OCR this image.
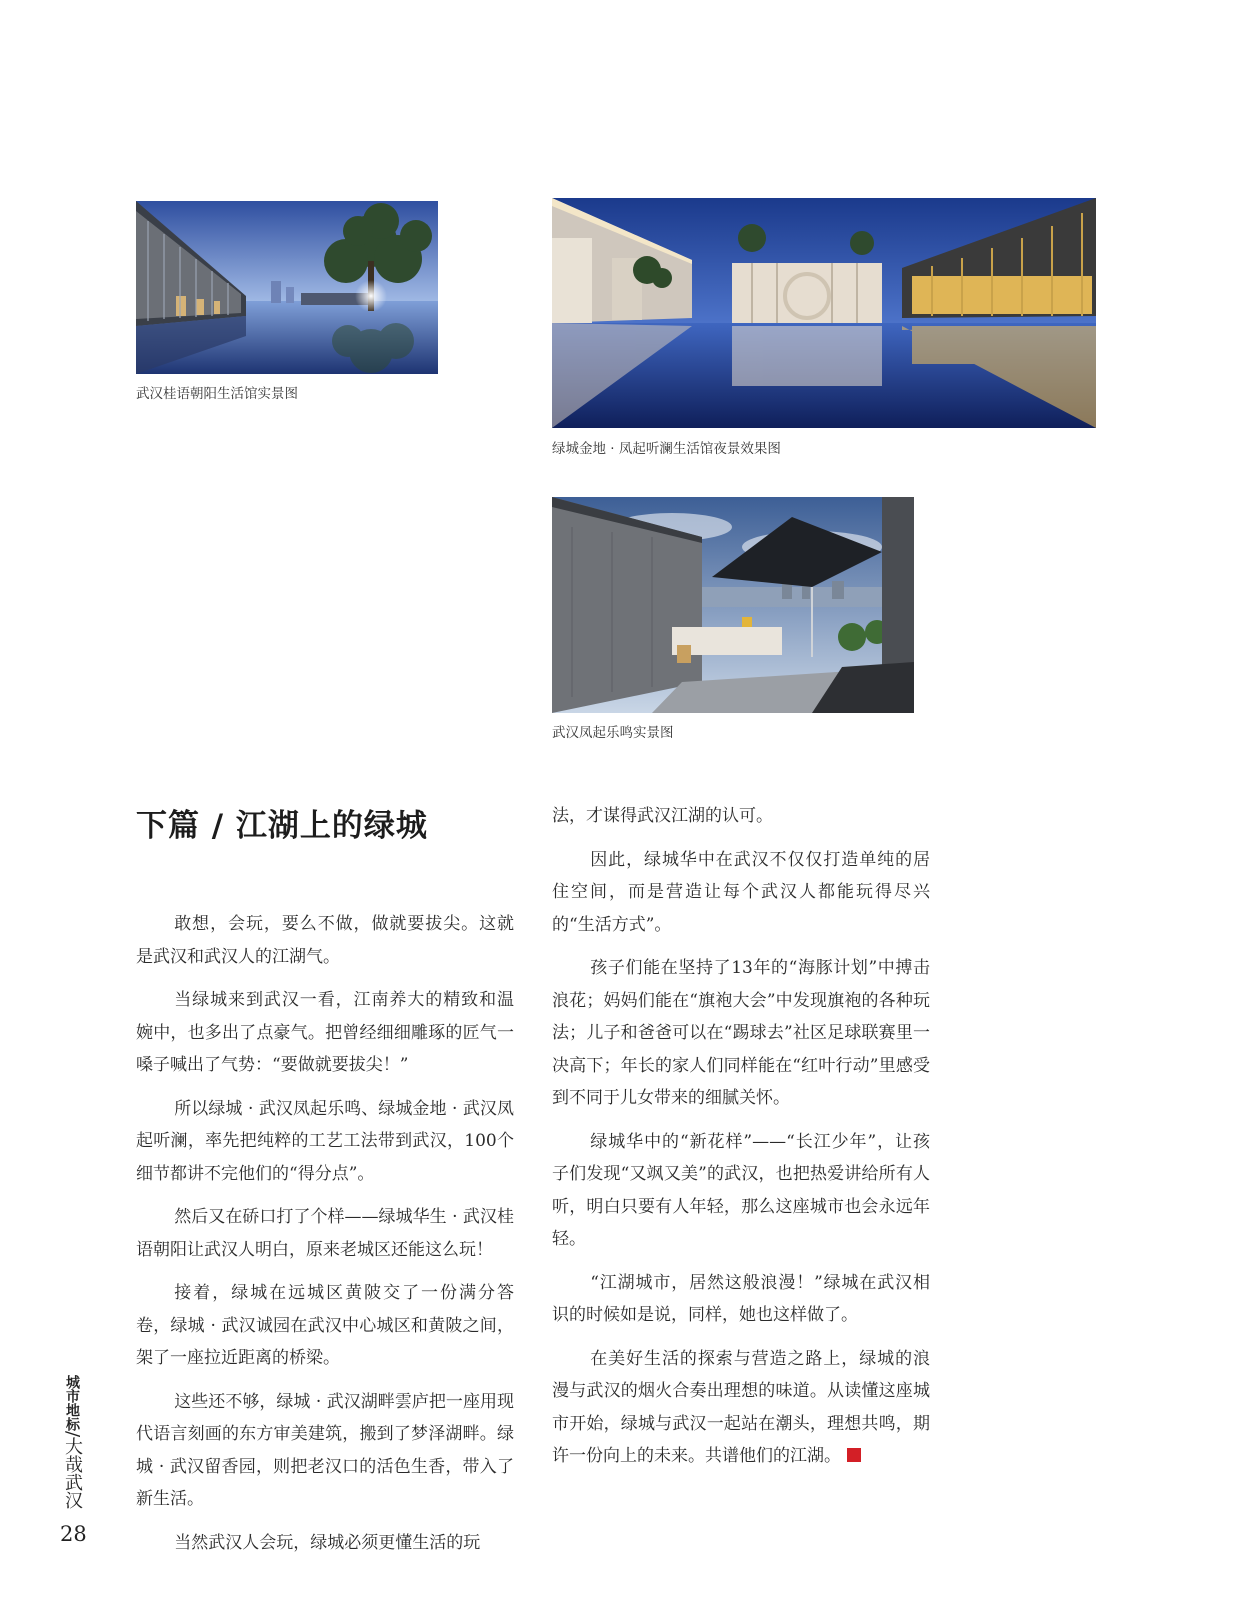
武汉桂语朝阳生活馆实景图
绿城金地 · 凤起听澜生活馆夜景效果图
武汉凤起乐鸣实景图
下篇 / 江湖上的绿城

敢想，会玩，要么不做，做就要拔尖。这就是武汉和武汉人的江湖气。

当绿城来到武汉一看，江南养大的精致和温婉中，也多出了点豪气。把曾经细细雕琢的匠气一嗓子喊出了气势：“要做就要拔尖！”

所以绿城 · 武汉凤起乐鸣、绿城金地 · 武汉凤起听澜，率先把纯粹的工艺工法带到武汉，100个细节都讲不完他们的“得分点”。

然后又在硚口打了个样——绿城华生 · 武汉桂语朝阳让武汉人明白，原来老城区还能这么玩！

接着，绿城在远城区黄陂交了一份满分答卷，绿城 · 武汉诚园在武汉中心城区和黄陂之间，架了一座拉近距离的桥梁。

这些还不够，绿城 · 武汉湖畔雲庐把一座用现代语言刻画的东方审美建筑，搬到了梦泽湖畔。绿城 · 武汉留香园，则把老汉口的活色生香，带入了新生活。

当然武汉人会玩，绿城必须更懂生活的玩

法，才谋得武汉江湖的认可。

因此，绿城华中在武汉不仅仅打造单纯的居住空间，而是营造让每个武汉人都能玩得尽兴的“生活方式”。

孩子们能在坚持了13年的“海豚计划”中搏击浪花；妈妈们能在“旗袍大会”中发现旗袍的各种玩法；儿子和爸爸可以在“踢球去”社区足球联赛里一决高下；年长的家人们同样能在“红叶行动”里感受到不同于儿女带来的细腻关怀。

绿城华中的“新花样”——“长江少年”，让孩子们发现“又飒又美”的武汉，也把热爱讲给所有人听，明白只要有人年轻，那么这座城市也会永远年轻。

“江湖城市，居然这般浪漫！”绿城在武汉相识的时候如是说，同样，她也这样做了。

在美好生活的探索与营造之路上，绿城的浪漫与武汉的烟火合奏出理想的味道。从读懂这座城市开始，绿城与武汉一起站在潮头，理想共鸣，期许一份向上的未来。共谱他们的江湖。

城市地标/大哉武汉
28
